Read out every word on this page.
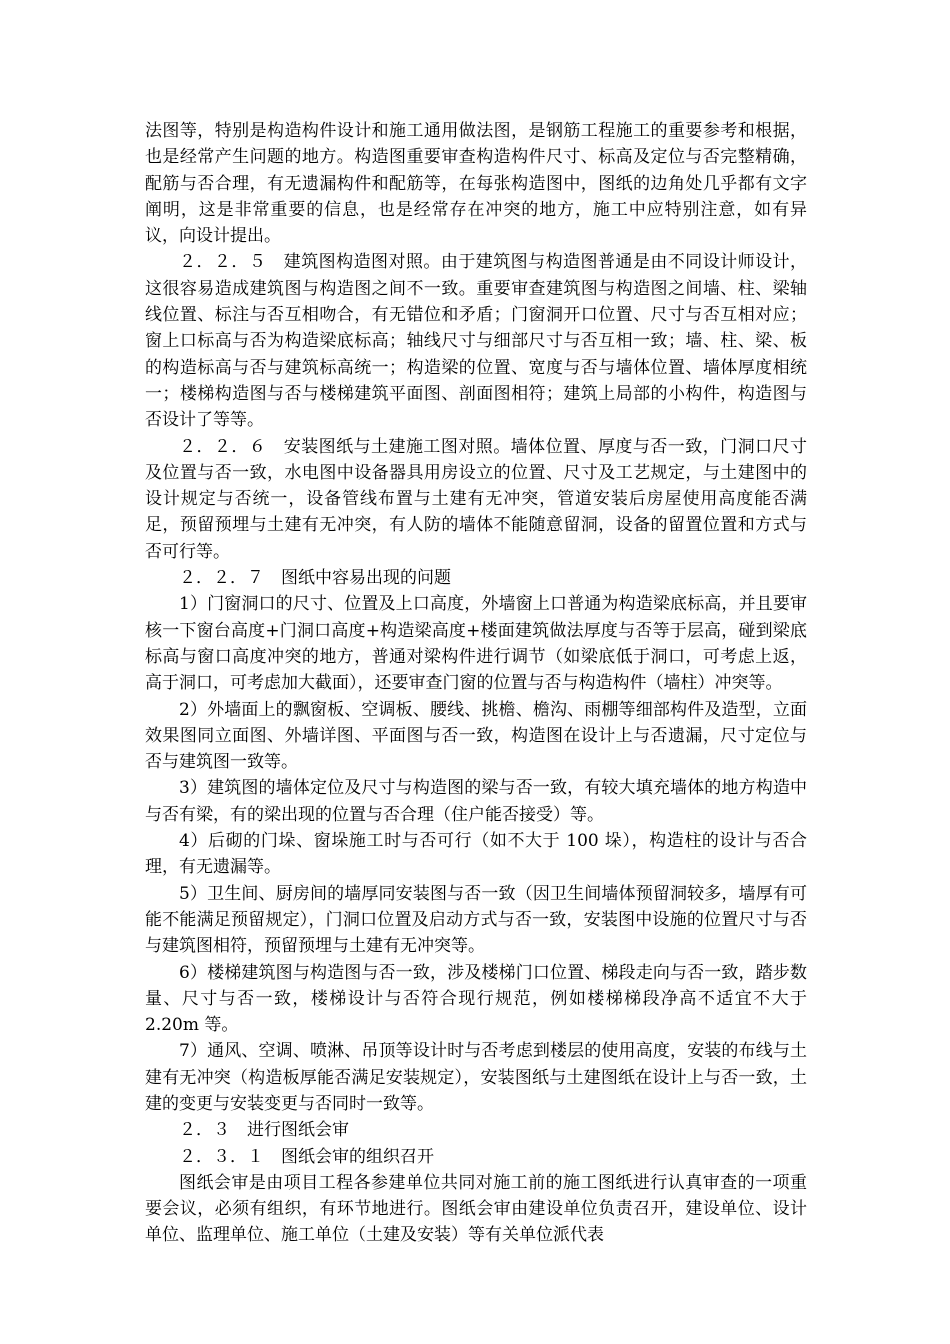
法图等，特别是构造构件设计和施工通用做法图，是钢筋工程施工的重要参考和根据，也是经常产生问题的地方。构造图重要审查构造构件尺寸、标高及定位与否完整精确，配筋与否合理，有无遗漏构件和配筋等，在每张构造图中，图纸的边角处几乎都有文字阐明，这是非常重要的信息，也是经常存在冲突的地方，施工中应特别注意，如有异议，向设计提出。

２．２．５　建筑图构造图对照。由于建筑图与构造图普通是由不同设计师设计，这很容易造成建筑图与构造图之间不一致。重要审查建筑图与构造图之间墙、柱、梁轴线位置、标注与否互相吻合，有无错位和矛盾；门窗洞开口位置、尺寸与否互相对应；窗上口标高与否为构造梁底标高；轴线尺寸与细部尺寸与否互相一致；墙、柱、梁、板的构造标高与否与建筑标高统一；构造梁的位置、宽度与否与墙体位置、墙体厚度相统一；楼梯构造图与否与楼梯建筑平面图、剖面图相符；建筑上局部的小构件，构造图与否设计了等等。

２．２．６　安装图纸与土建施工图对照。墙体位置、厚度与否一致，门洞口尺寸及位置与否一致，水电图中设备器具用房设立的位置、尺寸及工艺规定，与土建图中的设计规定与否统一，设备管线布置与土建有无冲突，管道安装后房屋使用高度能否满足，预留预埋与土建有无冲突，有人防的墙体不能随意留洞，设备的留置位置和方式与否可行等。

２．２．７　图纸中容易出现的问题

1）门窗洞口的尺寸、位置及上口高度，外墙窗上口普通为构造梁底标高，并且要审核一下窗台高度+门洞口高度+构造梁高度+楼面建筑做法厚度与否等于层高，碰到梁底标高与窗口高度冲突的地方，普通对梁构件进行调节（如梁底低于洞口，可考虑上返，高于洞口，可考虑加大截面），还要审查门窗的位置与否与构造构件（墙柱）冲突等。

2）外墙面上的飘窗板、空调板、腰线、挑檐、檐沟、雨棚等细部构件及造型，立面效果图同立面图、外墙详图、平面图与否一致，构造图在设计上与否遗漏，尺寸定位与否与建筑图一致等。

3）建筑图的墙体定位及尺寸与构造图的梁与否一致，有较大填充墙体的地方构造中与否有梁，有的梁出现的位置与否合理（住户能否接受）等。

4）后砌的门垛、窗垛施工时与否可行（如不大于 100 垛），构造柱的设计与否合理，有无遗漏等。

5）卫生间、厨房间的墙厚同安装图与否一致（因卫生间墙体预留洞较多，墙厚有可能不能满足预留规定），门洞口位置及启动方式与否一致，安装图中设施的位置尺寸与否与建筑图相符，预留预埋与土建有无冲突等。

6）楼梯建筑图与构造图与否一致，涉及楼梯门口位置、梯段走向与否一致，踏步数量、尺寸与否一致，楼梯设计与否符合现行规范，例如楼梯梯段净高不适宜不大于 2.20m 等。

7）通风、空调、喷淋、吊顶等设计时与否考虑到楼层的使用高度，安装的布线与土建有无冲突（构造板厚能否满足安装规定），安装图纸与土建图纸在设计上与否一致，土建的变更与安装变更与否同时一致等。

２．３　进行图纸会审

２．３．１　图纸会审的组织召开

图纸会审是由项目工程各参建单位共同对施工前的施工图纸进行认真审查的一项重要会议，必须有组织，有环节地进行。图纸会审由建设单位负责召开，建设单位、设计单位、监理单位、施工单位（土建及安装）等有关单位派代表
